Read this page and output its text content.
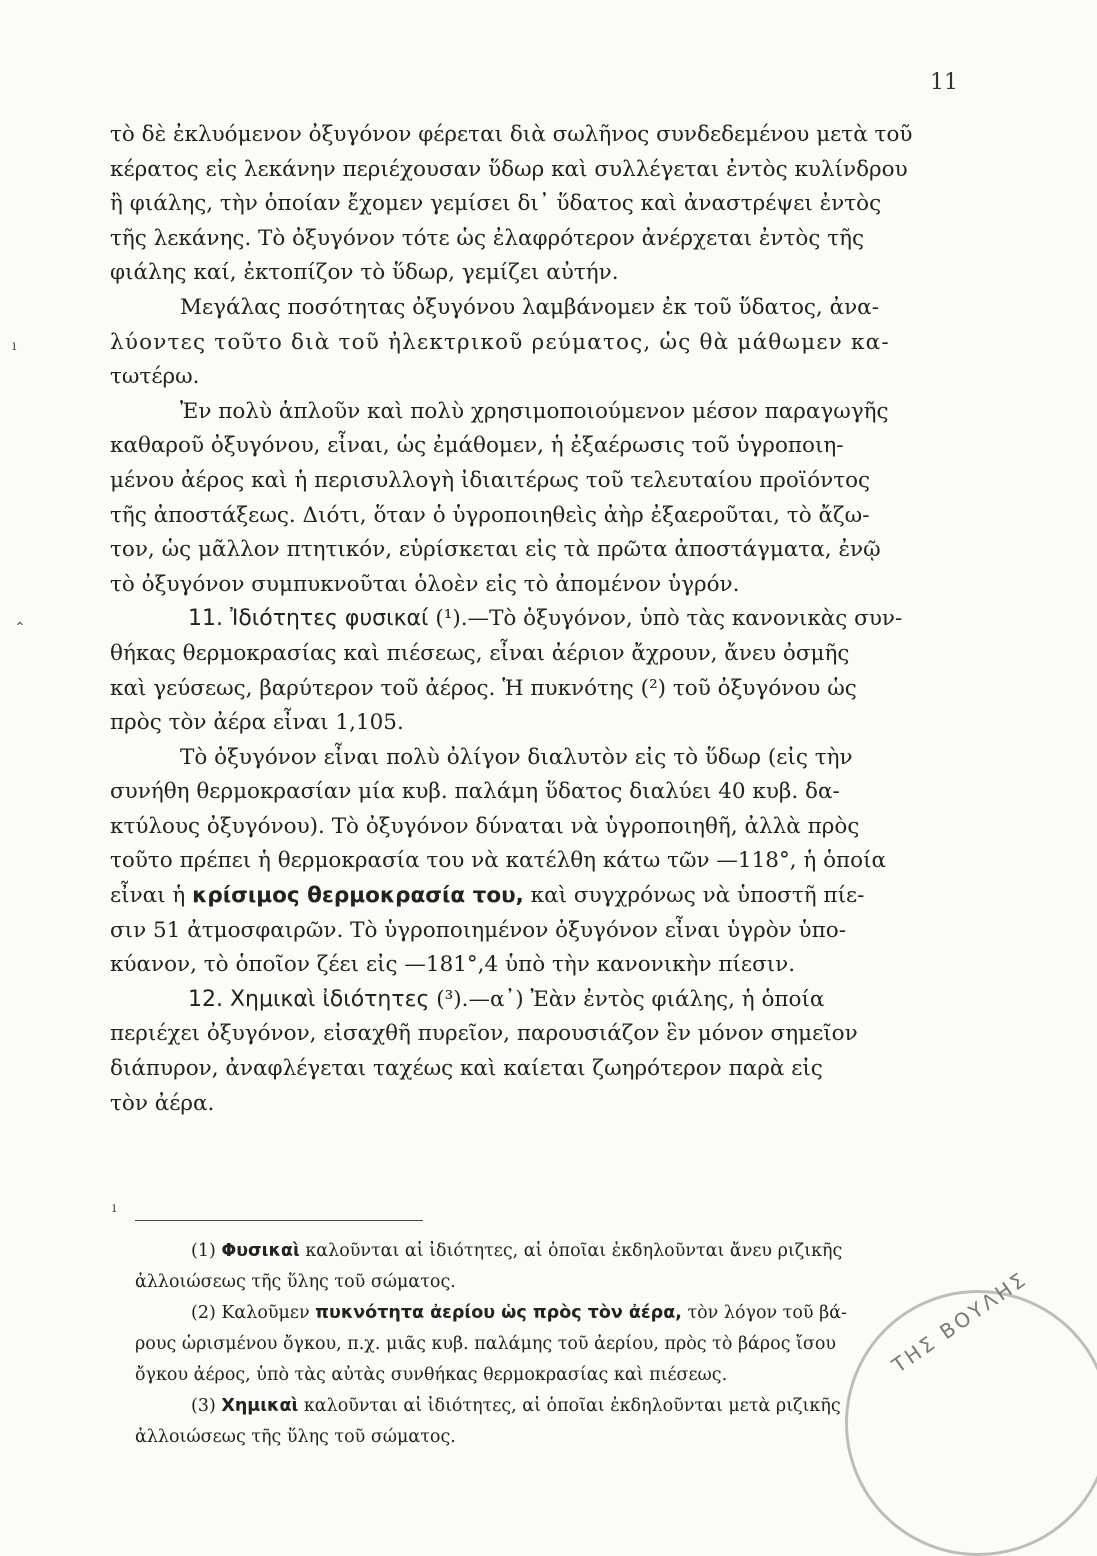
11
τὸ δὲ ἐκλυόμενον ὀξυγόνον φέρεται διὰ σωλῆνος συνδεδεμένου μετὰ τοῦ
κέρατος εἰς λεκάνην περιέχουσαν ὕδωρ καὶ συλλέγεται ἐντὸς κυλίνδρου
ἢ φιάλης, τὴν ὁποίαν ἔχομεν γεμίσει δι᾽ ὕδατος καὶ ἀναστρέψει ἐντὸς
τῆς λεκάνης. Τὸ ὀξυγόνον τότε ὡς ἐλαφρότερον ἀνέρχεται ἐντὸς τῆς
φιάλης καί, ἐκτοπίζον τὸ ὕδωρ, γεμίζει αὐτήν.
Μεγάλας ποσότητας ὀξυγόνου λαμβάνομεν ἐκ τοῦ ὕδατος, ἀνα-
λύοντες τοῦτο διὰ τοῦ ἠλεκτρικοῦ ρεύματος, ὡς θὰ μάθωμεν κα-
τωτέρω.
Ἐν πολὺ ἁπλοῦν καὶ πολὺ χρησιμοποιούμενον μέσον παραγωγῆς
καθαροῦ ὀξυγόνου, εἶναι, ὡς ἐμάθομεν, ἡ ἐξαέρωσις τοῦ ὑγροποιη-
μένου ἀέρος καὶ ἡ περισυλλογὴ ἰδιαιτέρως τοῦ τελευταίου προϊόντος
τῆς ἀποστάξεως. Διότι, ὅταν ὁ ὑγροποιηθεὶς ἀὴρ ἐξαεροῦται, τὸ ἄζω-
τον, ὡς μᾶλλον πτητικόν, εὑρίσκεται εἰς τὰ πρῶτα ἀποστάγματα, ἐνῷ
τὸ ὀξυγόνον συμπυκνοῦται ὁλοὲν εἰς τὸ ἀπομένον ὑγρόν.
11. Ἰδιότητες φυσικαί (¹).—Τὸ ὀξυγόνον, ὑπὸ τὰς κανονικὰς συν-
θήκας θερμοκρασίας καὶ πιέσεως, εἶναι ἀέριον ἄχρουν, ἄνευ ὀσμῆς
καὶ γεύσεως, βαρύτερον τοῦ ἀέρος. Ἡ πυκνότης (²) τοῦ ὀξυγόνου ὡς
πρὸς τὸν ἀέρα εἶναι 1,105.
Τὸ ὀξυγόνον εἶναι πολὺ ὀλίγον διαλυτὸν εἰς τὸ ὕδωρ (εἰς τὴν
συνήθη θερμοκρασίαν μία κυβ. παλάμη ὕδατος διαλύει 40 κυβ. δα-
κτύλους ὀξυγόνου). Τὸ ὀξυγόνον δύναται νὰ ὑγροποιηθῆ, ἀλλὰ πρὸς
τοῦτο πρέπει ἡ θερμοκρασία του νὰ κατέλθη κάτω τῶν —118°, ἡ ὁποία
εἶναι ἡ κρίσιμος θερμοκρασία του, καὶ συγχρόνως νὰ ὑποστῆ πίε-
σιν 51 ἀτμοσφαιρῶν. Τὸ ὑγροποιημένον ὀξυγόνον εἶναι ὑγρὸν ὑπο-
κύανον, τὸ ὁποῖον ζέει εἰς —181°,4 ὑπὸ τὴν κανονικὴν πίεσιν.
12. Χημικαὶ ἰδιότητες (³).—α᾽) Ἐὰν ἐντὸς φιάλης, ἡ ὁποία
περιέχει ὀξυγόνον, εἰσαχθῆ πυρεῖον, παρουσιάζον ἓν μόνον σημεῖον
διάπυρον, ἀναφλέγεται ταχέως καὶ καίεται ζωηρότερον παρὰ εἰς
τὸν ἀέρα.
(1) Φυσικαὶ καλοῦνται αἱ ἰδιότητες, αἱ ὁποῖαι ἐκδηλοῦνται ἄνευ ριζικῆς
ἀλλοιώσεως τῆς ὕλης τοῦ σώματος.
(2) Καλοῦμεν πυκνότητα ἀερίου ὡς πρὸς τὸν ἀέρα, τὸν λόγον τοῦ βά-
ρους ὡρισμένου ὄγκου, π.χ. μιᾶς κυβ. παλάμης τοῦ ἀερίου, πρὸς τὸ βάρος ἴσου
ὄγκου ἀέρος, ὑπὸ τὰς αὐτὰς συνθήκας θερμοκρασίας καὶ πιέσεως.
(3) Χημικαὶ καλοῦνται αἱ ἰδιότητες, αἱ ὁποῖαι ἐκδηλοῦνται μετὰ ριζικῆς
ἀλλοιώσεως τῆς ὕλης τοῦ σώματος.
ΤΗΣ ΒΟΥΛΗΣ
ı
⌃
ı
